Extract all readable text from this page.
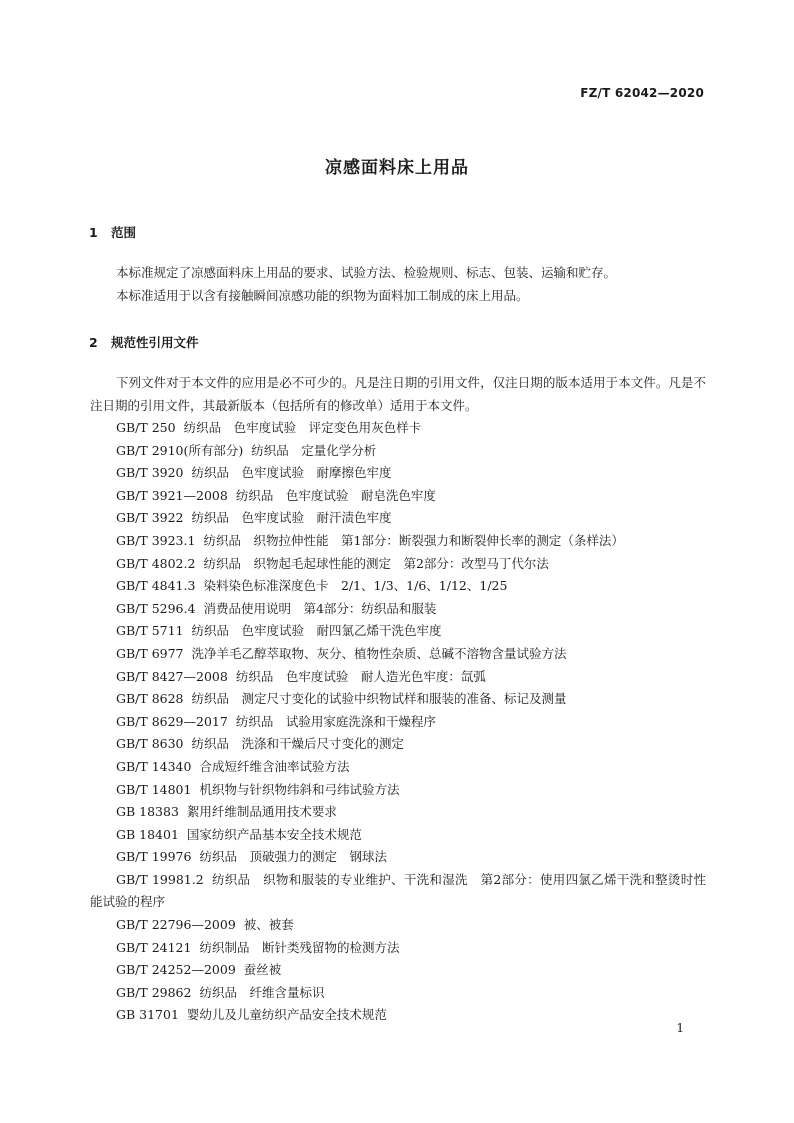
FZ/T 62042—2020
凉感面料床上用品
1 范围

本标准规定了凉感面料床上用品的要求、试验方法、检验规则、标志、包装、运输和贮存。

本标准适用于以含有接触瞬间凉感功能的织物为面料加工制成的床上用品。

2 规范性引用文件

下列文件对于本文件的应用是必不可少的。凡是注日期的引用文件，仅注日期的版本适用于本文件。凡是不注日期的引用文件，其最新版本（包括所有的修改单）适用于本文件。

GB/T 250 纺织品　色牢度试验　评定变色用灰色样卡

GB/T 2910(所有部分) 纺织品　定量化学分析

GB/T 3920 纺织品　色牢度试验　耐摩擦色牢度

GB/T 3921—2008 纺织品　色牢度试验　耐皂洗色牢度

GB/T 3922 纺织品　色牢度试验　耐汗渍色牢度

GB/T 3923.1 纺织品　织物拉伸性能　第1部分：断裂强力和断裂伸长率的测定（条样法）

GB/T 4802.2 纺织品　织物起毛起球性能的测定　第2部分：改型马丁代尔法

GB/T 4841.3 染料染色标准深度色卡　2/1、1/3、1/6、1/12、1/25

GB/T 5296.4 消费品使用说明　第4部分：纺织品和服装

GB/T 5711 纺织品　色牢度试验　耐四氯乙烯干洗色牢度

GB/T 6977 洗净羊毛乙醇萃取物、灰分、植物性杂质、总碱不溶物含量试验方法

GB/T 8427—2008 纺织品　色牢度试验　耐人造光色牢度：氙弧

GB/T 8628 纺织品　测定尺寸变化的试验中织物试样和服装的准备、标记及测量

GB/T 8629—2017 纺织品　试验用家庭洗涤和干燥程序

GB/T 8630 纺织品　洗涤和干燥后尺寸变化的测定

GB/T 14340 合成短纤维含油率试验方法

GB/T 14801 机织物与针织物纬斜和弓纬试验方法

GB 18383 絮用纤维制品通用技术要求

GB 18401 国家纺织产品基本安全技术规范

GB/T 19976 纺织品　顶破强力的测定　钢球法

GB/T 19981.2 纺织品　织物和服装的专业维护、干洗和湿洗　第2部分：使用四氯乙烯干洗和整烫时性能试验的程序

GB/T 22796—2009 被、被套

GB/T 24121 纺织制品　断针类残留物的检测方法

GB/T 24252—2009 蚕丝被

GB/T 29862 纺织品　纤维含量标识

GB 31701 婴幼儿及儿童纺织产品安全技术规范

1
